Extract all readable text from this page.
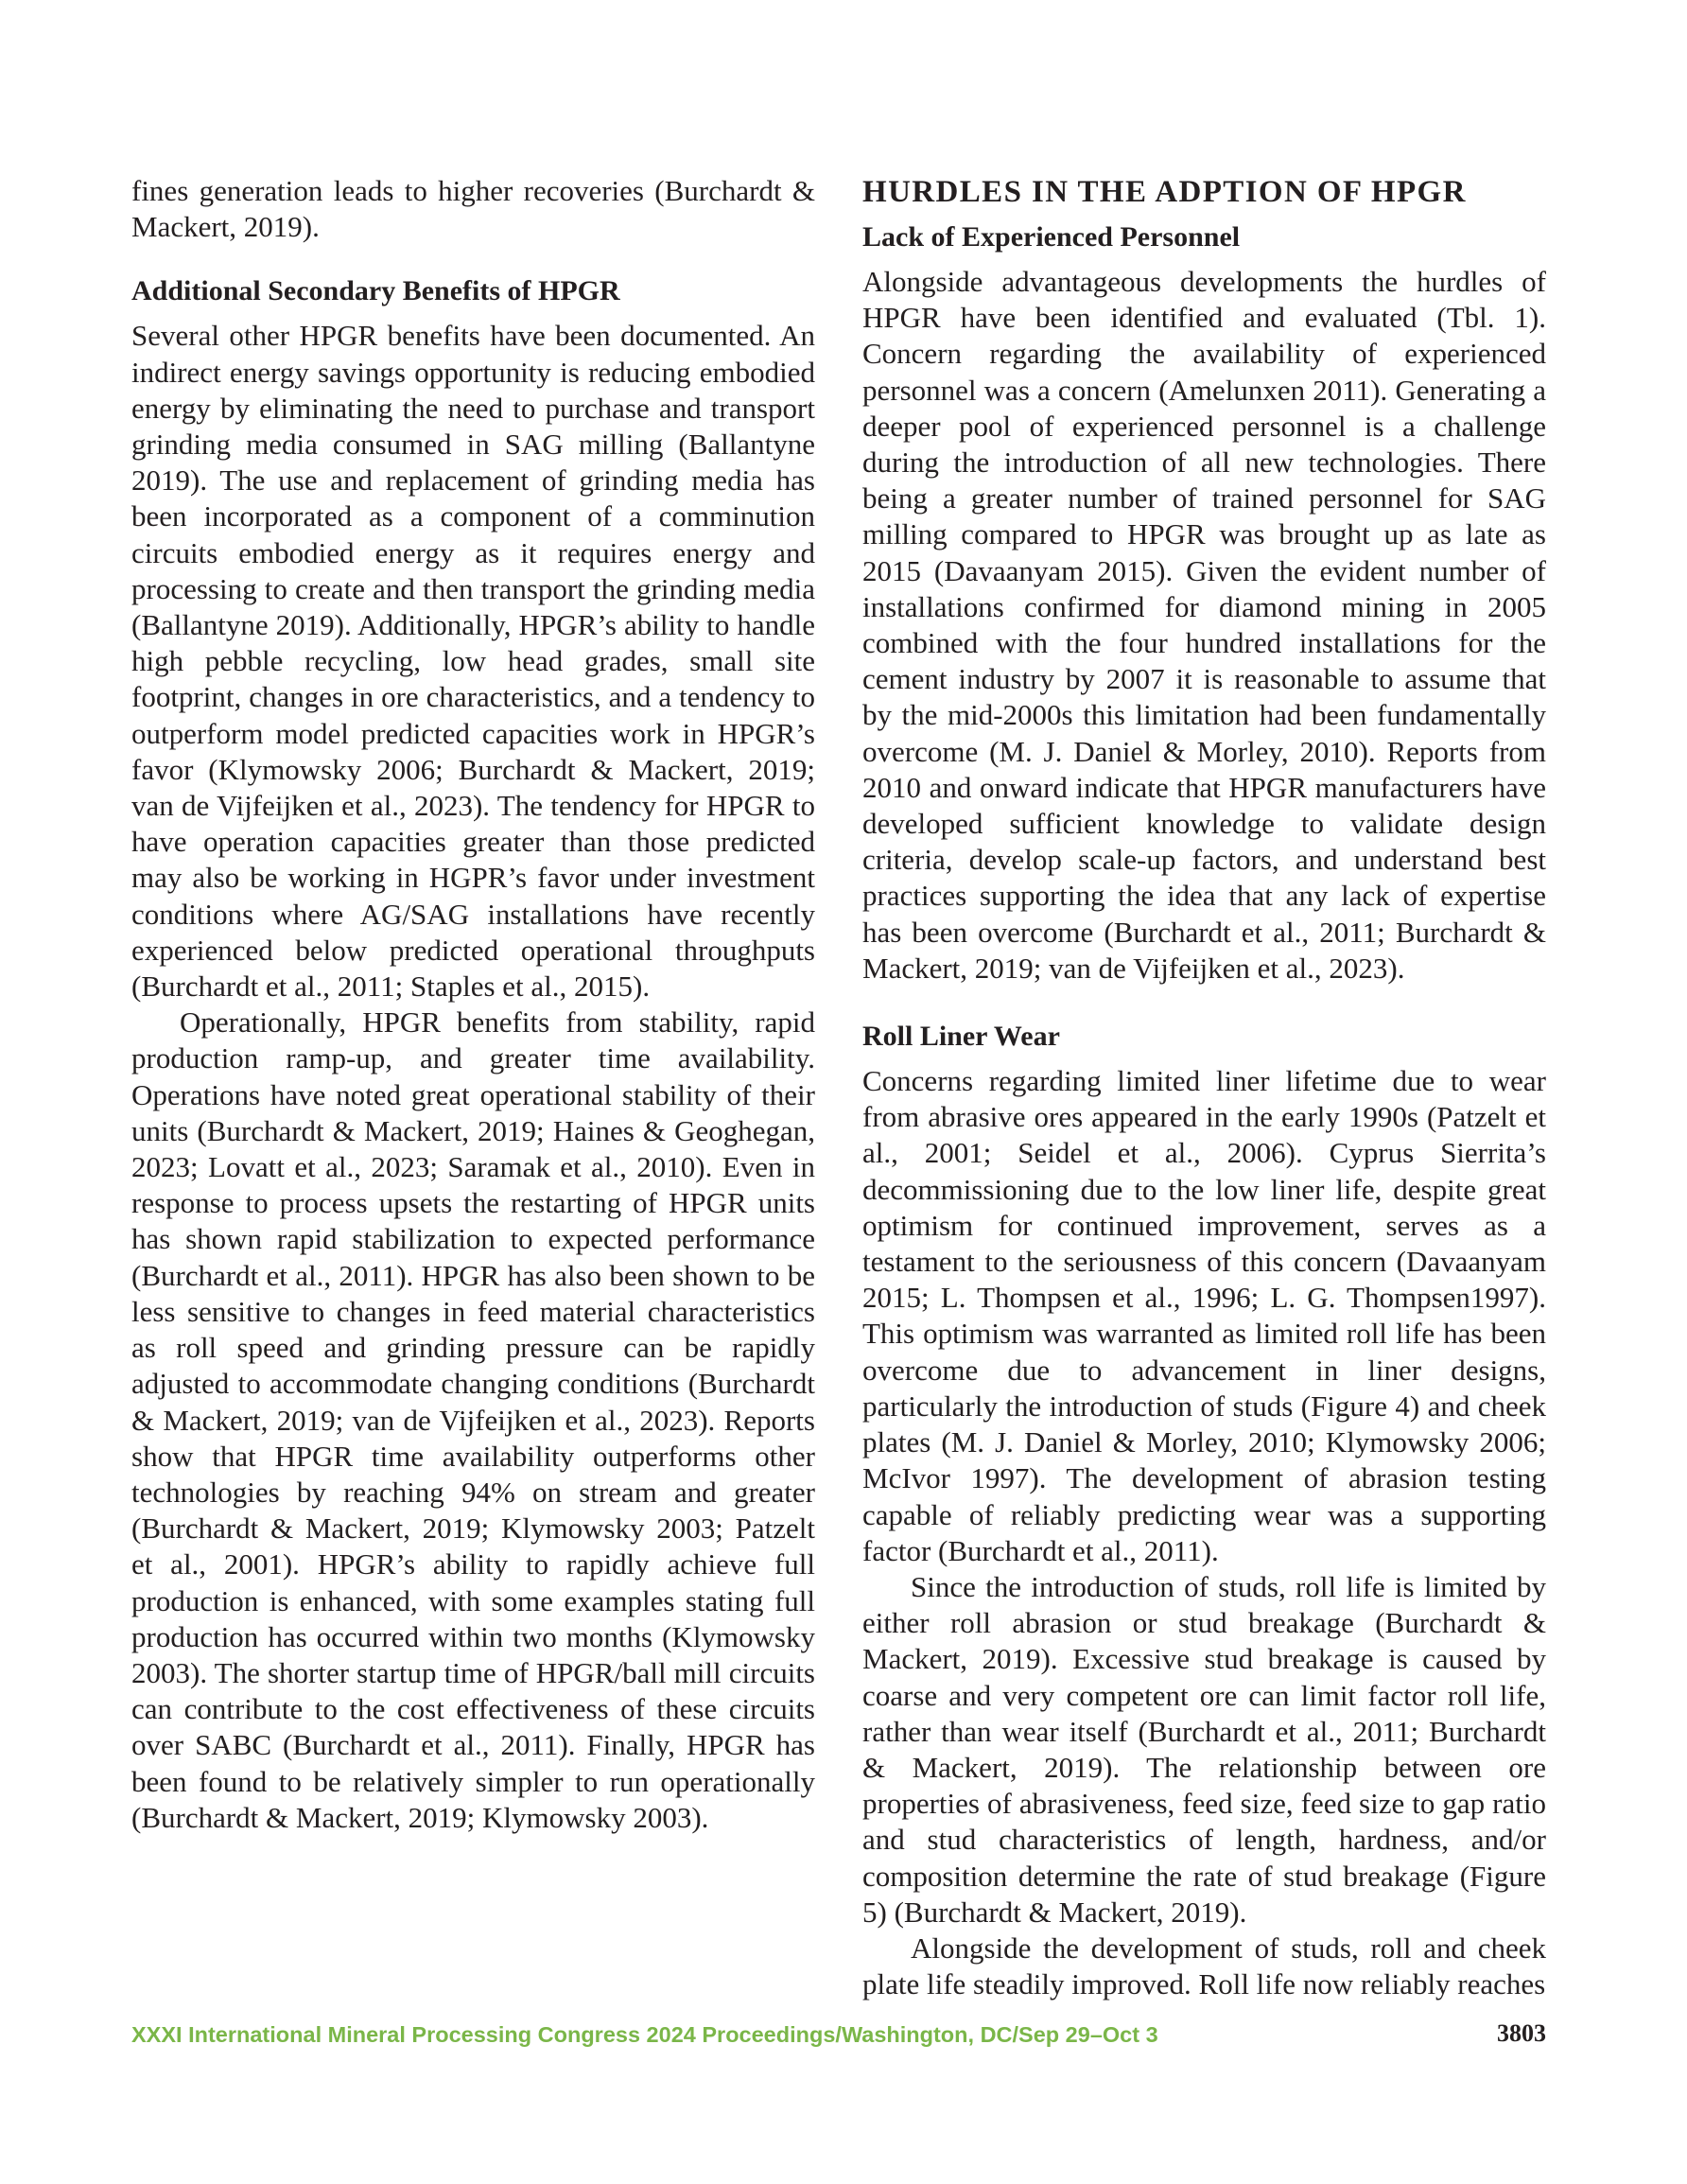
fines generation leads to higher recoveries (Burchardt & Mackert, 2019).

Additional Secondary Benefits of HPGR

Several other HPGR benefits have been documented. An indirect energy savings opportunity is reducing embodied energy by eliminating the need to purchase and transport grinding media consumed in SAG milling (Ballantyne 2019). The use and replacement of grinding media has been incorporated as a component of a comminution circuits embodied energy as it requires energy and processing to create and then transport the grinding media (Ballantyne 2019). Additionally, HPGR’s ability to handle high pebble recycling, low head grades, small site footprint, changes in ore characteristics, and a tendency to outperform model predicted capacities work in HPGR’s favor (Klymowsky 2006; Burchardt & Mackert, 2019; van de Vijfeijken et al., 2023). The tendency for HPGR to have operation capacities greater than those predicted may also be working in HGPR’s favor under investment conditions where AG/SAG installations have recently experienced below predicted operational throughputs (Burchardt et al., 2011; Staples et al., 2015).

Operationally, HPGR benefits from stability, rapid production ramp-up, and greater time availability. Operations have noted great operational stability of their units (Burchardt & Mackert, 2019; Haines & Geoghegan, 2023; Lovatt et al., 2023; Saramak et al., 2010). Even in response to process upsets the restarting of HPGR units has shown rapid stabilization to expected performance (Burchardt et al., 2011). HPGR has also been shown to be less sensitive to changes in feed material characteristics as roll speed and grinding pressure can be rapidly adjusted to accommodate changing conditions (Burchardt & Mackert, 2019; van de Vijfeijken et al., 2023). Reports show that HPGR time availability outperforms other technologies by reaching 94% on stream and greater (Burchardt & Mackert, 2019; Klymowsky 2003; Patzelt et al., 2001). HPGR’s ability to rapidly achieve full production is enhanced, with some examples stating full production has occurred within two months (Klymowsky 2003). The shorter startup time of HPGR/ball mill circuits can contribute to the cost effectiveness of these circuits over SABC (Burchardt et al., 2011). Finally, HPGR has been found to be relatively simpler to run operationally (Burchardt & Mackert, 2019; Klymowsky 2003).

HURDLES IN THE ADPTION OF HPGR
Lack of Experienced Personnel

Alongside advantageous developments the hurdles of HPGR have been identified and evaluated (Tbl. 1). Concern regarding the availability of experienced personnel was a concern (Amelunxen 2011). Generating a deeper pool of experienced personnel is a challenge during the introduction of all new technologies. There being a greater number of trained personnel for SAG milling compared to HPGR was brought up as late as 2015 (Davaanyam 2015). Given the evident number of installations confirmed for diamond mining in 2005 combined with the four hundred installations for the cement industry by 2007 it is reasonable to assume that by the mid-2000s this limitation had been fundamentally overcome (M. J. Daniel & Morley, 2010). Reports from 2010 and onward indicate that HPGR manufacturers have developed sufficient knowledge to validate design criteria, develop scale-up factors, and understand best practices supporting the idea that any lack of expertise has been overcome (Burchardt et al., 2011; Burchardt & Mackert, 2019; van de Vijfeijken et al., 2023).

Roll Liner Wear

Concerns regarding limited liner lifetime due to wear from abrasive ores appeared in the early 1990s (Patzelt et al., 2001; Seidel et al., 2006). Cyprus Sierrita’s decommissioning due to the low liner life, despite great optimism for continued improvement, serves as a testament to the seriousness of this concern (Davaanyam 2015; L. Thompsen et al., 1996; L. G. Thompsen1997). This optimism was warranted as limited roll life has been overcome due to advancement in liner designs, particularly the introduction of studs (Figure 4) and cheek plates (M. J. Daniel & Morley, 2010; Klymowsky 2006; McIvor 1997). The development of abrasion testing capable of reliably predicting wear was a supporting factor (Burchardt et al., 2011).

Since the introduction of studs, roll life is limited by either roll abrasion or stud breakage (Burchardt & Mackert, 2019). Excessive stud breakage is caused by coarse and very competent ore can limit factor roll life, rather than wear itself (Burchardt et al., 2011; Burchardt & Mackert, 2019). The relationship between ore properties of abrasiveness, feed size, feed size to gap ratio and stud characteristics of length, hardness, and/or composition determine the rate of stud breakage (Figure 5) (Burchardt & Mackert, 2019).

Alongside the development of studs, roll and cheek plate life steadily improved. Roll life now reliably reaches

XXXI International Mineral Processing Congress 2024 Proceedings/Washington, DC/Sep 29–Oct 3	3803
